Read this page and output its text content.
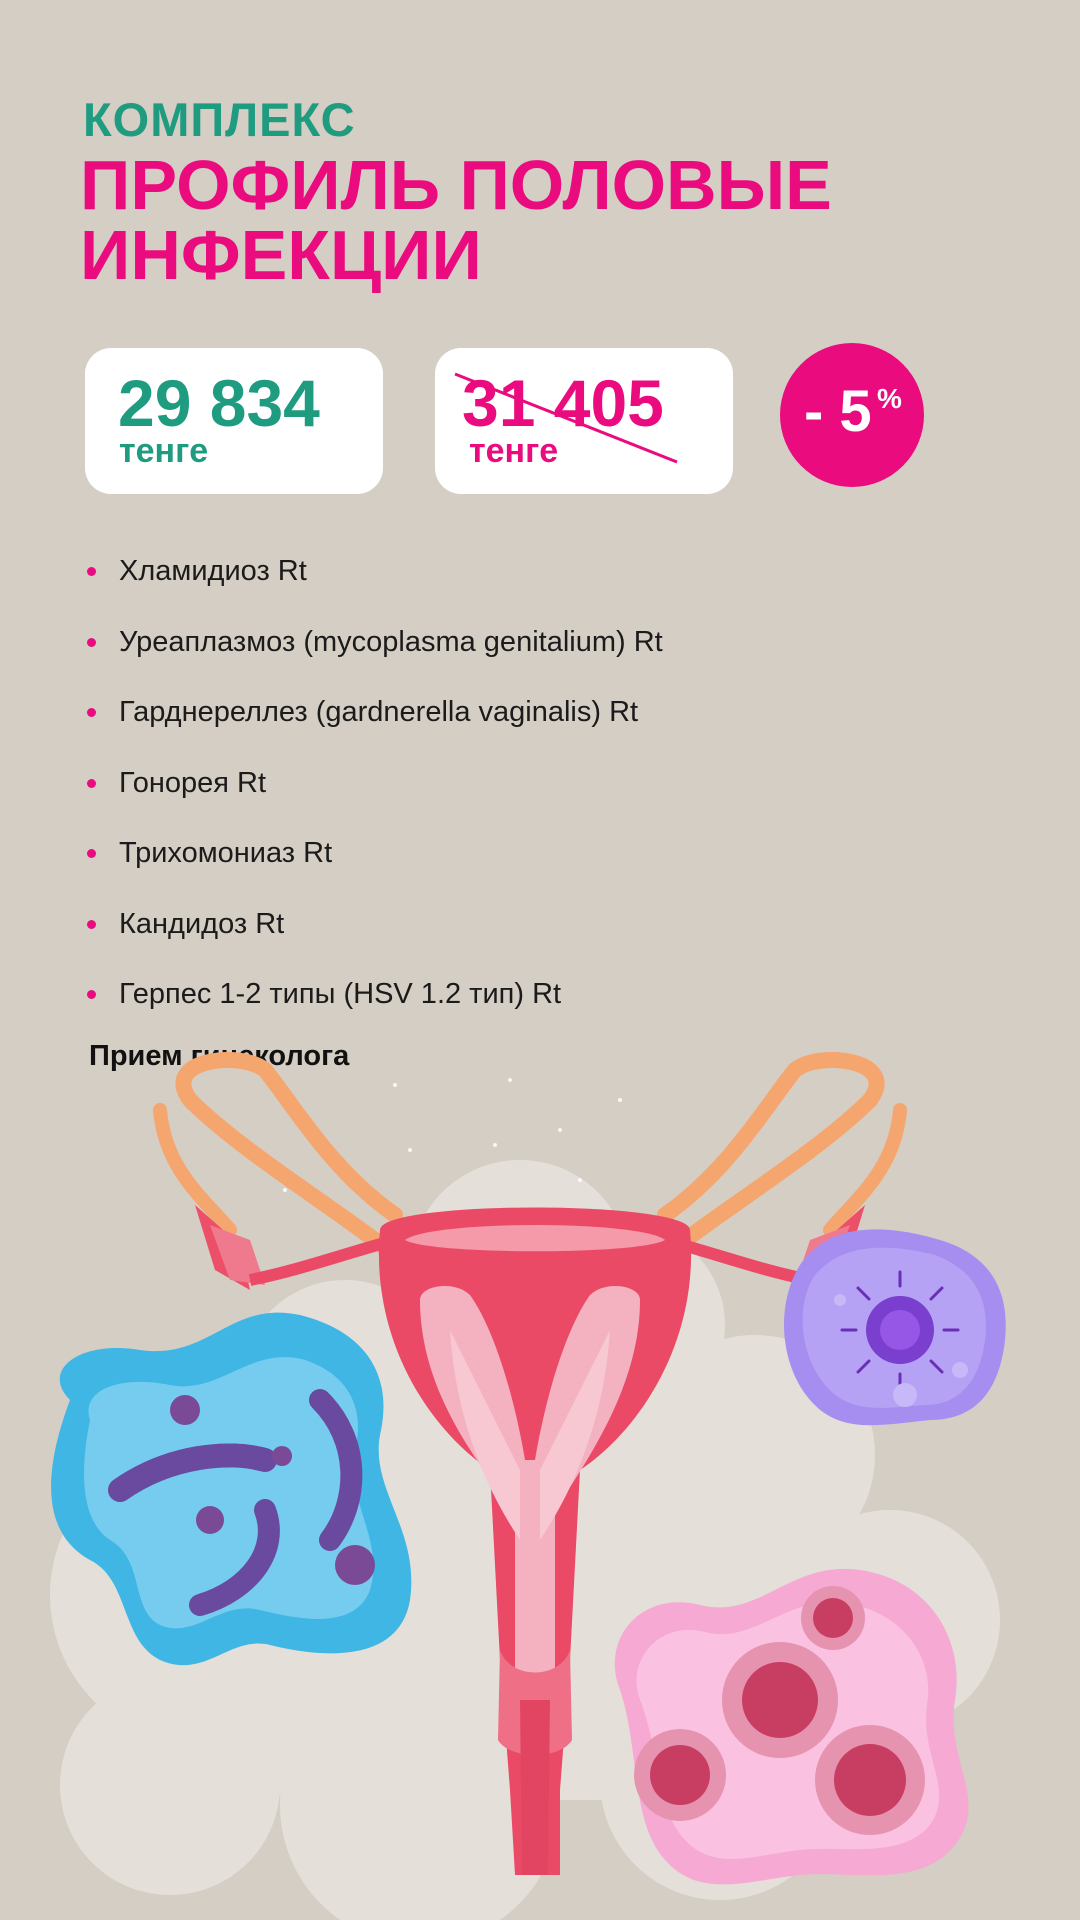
КОМПЛЕКС
ПРОФИЛЬ ПОЛОВЫЕ ИНФЕКЦИИ
29 834
тенге
31 405
тенге
- 5 %
Хламидиоз Rt
Уреаплазмоз (mycoplasma genitalium) Rt
Гарднереллез (gardnerella vaginalis) Rt
Гонорея Rt
Трихомониаз Rt
Кандидоз Rt
Герпес 1-2 типы (HSV 1.2 тип) Rt
Прием гинеколога
